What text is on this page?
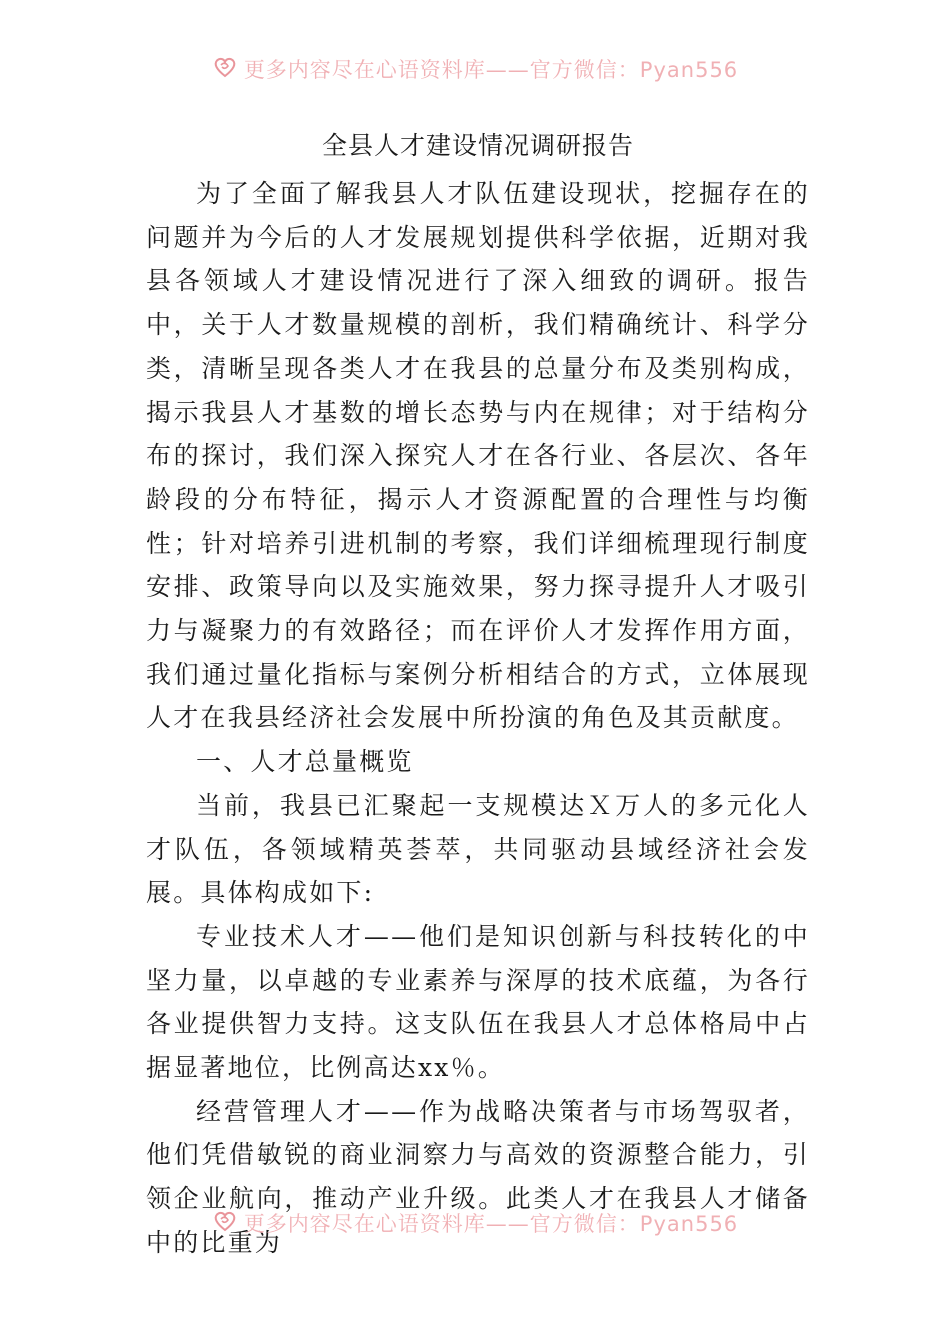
更多内容尽在心语资料库——官方微信：Pyan556
全县人才建设情况调研报告

为了全面了解我县人才队伍建设现状，挖掘存在的问题并为今后的人才发展规划提供科学依据，近期对我县各领域人才建设情况进行了深入细致的调研。报告中，关于人才数量规模的剖析，我们精确统计、科学分类，清晰呈现各类人才在我县的总量分布及类别构成，揭示我县人才基数的增长态势与内在规律；对于结构分布的探讨，我们深入探究人才在各行业、各层次、各年龄段的分布特征，揭示人才资源配置的合理性与均衡性；针对培养引进机制的考察，我们详细梳理现行制度安排、政策导向以及实施效果，努力探寻提升人才吸引力与凝聚力的有效路径；而在评价人才发挥作用方面，我们通过量化指标与案例分析相结合的方式，立体展现人才在我县经济社会发展中所扮演的角色及其贡献度。

一、人才总量概览

当前，我县已汇聚起一支规模达Ｘ万人的多元化人才队伍，各领域精英荟萃，共同驱动县域经济社会发展。具体构成如下:

专业技术人才——他们是知识创新与科技转化的中坚力量，以卓越的专业素养与深厚的技术底蕴，为各行各业提供智力支持。这支队伍在我县人才总体格局中占据显著地位，比例高达xx％。

经营管理人才——作为战略决策者与市场驾驭者，他们凭借敏锐的商业洞察力与高效的资源整合能力，引领企业航向，推动产业升级。此类人才在我县人才储备中的比重为

更多内容尽在心语资料库——官方微信：Pyan556
